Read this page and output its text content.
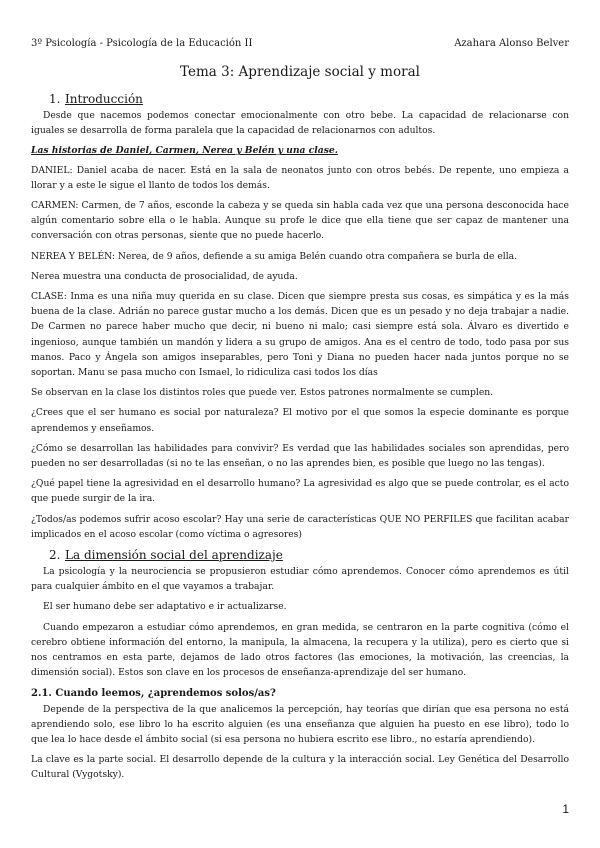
3º Psicología - Psicología de la Educación II	Azahara Alonso Belver
Tema 3: Aprendizaje social y moral
1. Introducción

Desde que nacemos podemos conectar emocionalmente con otro bebe. La capacidad de relacionarse con iguales se desarrolla de forma paralela que la capacidad de relacionarnos con adultos.

Las historias de Daniel, Carmen, Nerea y Belén y una clase.

DANIEL: Daniel acaba de nacer. Está en la sala de neonatos junto con otros bebés. De repente, uno empieza a llorar y a este le sigue el llanto de todos los demás.

CARMEN: Carmen, de 7 años, esconde la cabeza y se queda sin habla cada vez que una persona desconocida hace algún comentario sobre ella o le habla. Aunque su profe le dice que ella tiene que ser capaz de mantener una conversación con otras personas, siente que no puede hacerlo.

NEREA Y BELÉN: Nerea, de 9 años, defiende a su amiga Belén cuando otra compañera se burla de ella.

Nerea muestra una conducta de prosocialidad, de ayuda.

CLASE: Inma es una niña muy querida en su clase. Dicen que siempre presta sus cosas, es simpática y es la más buena de la clase. Adrián no parece gustar mucho a los demás. Dicen que es un pesado y no deja trabajar a nadie. De Carmen no parece haber mucho que decir, ni bueno ni malo; casi siempre está sola. Álvaro es divertido e ingenioso, aunque también un mandón y lidera a su grupo de amigos. Ana es el centro de todo, todo pasa por sus manos. Paco y Ángela son amigos inseparables, pero Toni y Diana no pueden hacer nada juntos porque no se soportan. Manu se pasa mucho con Ismael, lo ridiculiza casi todos los días

Se observan en la clase los distintos roles que puede ver. Estos patrones normalmente se cumplen.

¿Crees que el ser humano es social por naturaleza? El motivo por el que somos la especie dominante es porque aprendemos y enseñamos.

¿Cómo se desarrollan las habilidades para convivir? Es verdad que las habilidades sociales son aprendidas, pero pueden no ser desarrolladas (si no te las enseñan, o no las aprendes bien, es posible que luego no las tengas).

¿Qué papel tiene la agresividad en el desarrollo humano? La agresividad es algo que se puede controlar, es el acto que puede surgir de la ira.

¿Todos/as podemos sufrir acoso escolar? Hay una serie de características QUE NO PERFILES que facilitan acabar implicados en el acoso escolar (como víctima o agresores)

2. La dimensión social del aprendizaje

La psicología y la neurociencia se propusieron estudiar cómo aprendemos. Conocer cómo aprendemos es útil para cualquier ámbito en el que vayamos a trabajar.

El ser humano debe ser adaptativo e ir actualizarse.

Cuando empezaron a estudiar cómo aprendemos, en gran medida, se centraron en la parte cognitiva (cómo el cerebro obtiene información del entorno, la manipula, la almacena, la recupera y la utiliza), pero es cierto que si nos centramos en esta parte, dejamos de lado otros factores (las emociones, la motivación, las creencias, la dimensión social). Estos son clave en los procesos de enseñanza-aprendizaje del ser humano.

2.1. Cuando leemos, ¿aprendemos solos/as?

Depende de la perspectiva de la que analicemos la percepción, hay teorías que dirían que esa persona no está aprendiendo solo, ese libro lo ha escrito alguien (es una enseñanza que alguien ha puesto en ese libro), todo lo que lea lo hace desde el ámbito social (si esa persona no hubiera escrito ese libro., no estaría aprendiendo).

La clave es la parte social. El desarrollo depende de la cultura y la interacción social. Ley Genética del Desarrollo Cultural (Vygotsky).

1
